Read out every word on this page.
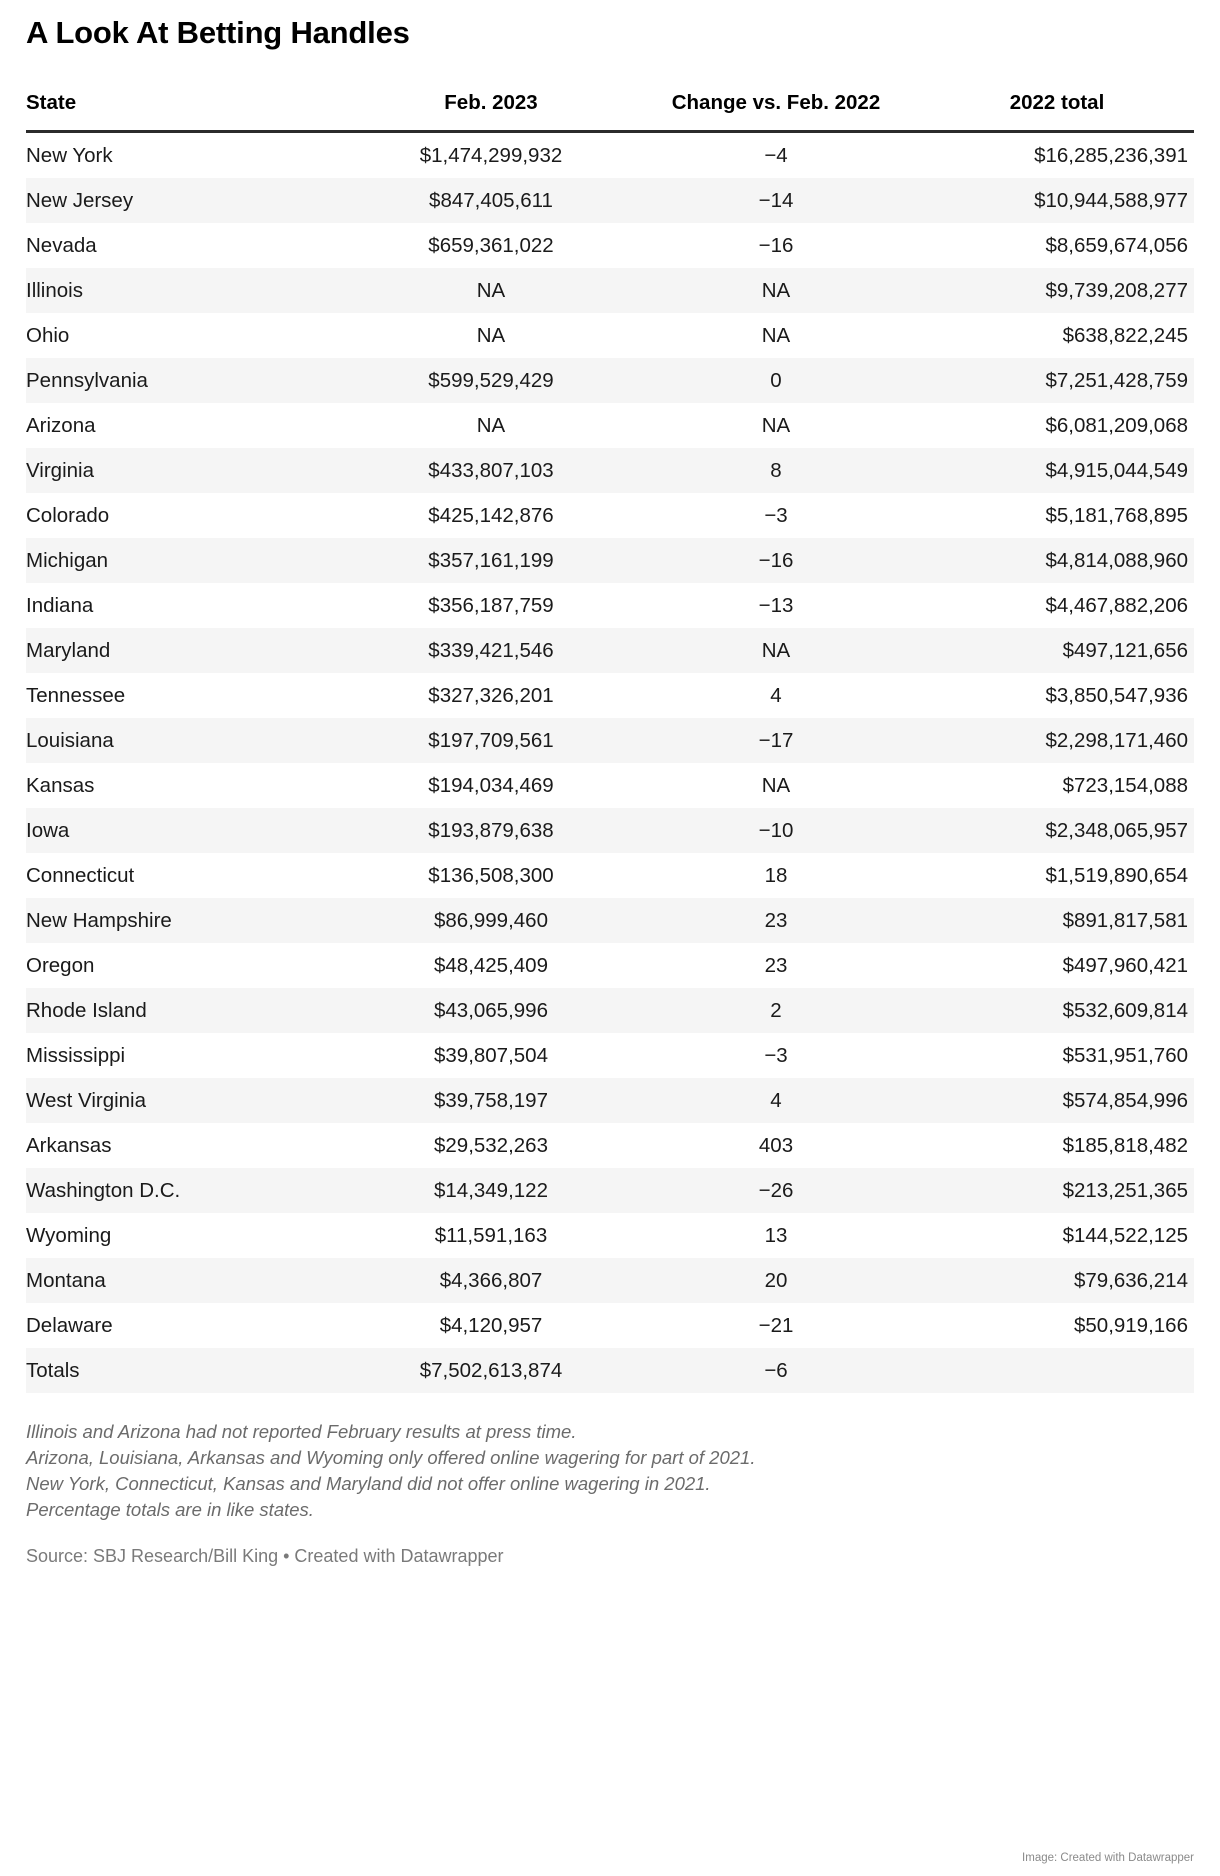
A Look At Betting Handles
State	Feb. 2023	Change vs. Feb. 2022	2022 total
New York	$1,474,299,932	−4	$16,285,236,391
New Jersey	$847,405,611	−14	$10,944,588,977
Nevada	$659,361,022	−16	$8,659,674,056
Illinois	NA	NA	$9,739,208,277
Ohio	NA	NA	$638,822,245
Pennsylvania	$599,529,429	0	$7,251,428,759
Arizona	NA	NA	$6,081,209,068
Virginia	$433,807,103	8	$4,915,044,549
Colorado	$425,142,876	−3	$5,181,768,895
Michigan	$357,161,199	−16	$4,814,088,960
Indiana	$356,187,759	−13	$4,467,882,206
Maryland	$339,421,546	NA	$497,121,656
Tennessee	$327,326,201	4	$3,850,547,936
Louisiana	$197,709,561	−17	$2,298,171,460
Kansas	$194,034,469	NA	$723,154,088
Iowa	$193,879,638	−10	$2,348,065,957
Connecticut	$136,508,300	18	$1,519,890,654
New Hampshire	$86,999,460	23	$891,817,581
Oregon	$48,425,409	23	$497,960,421
Rhode Island	$43,065,996	2	$532,609,814
Mississippi	$39,807,504	−3	$531,951,760
West Virginia	$39,758,197	4	$574,854,996
Arkansas	$29,532,263	403	$185,818,482
Washington D.C.	$14,349,122	−26	$213,251,365
Wyoming	$11,591,163	13	$144,522,125
Montana	$4,366,807	20	$79,636,214
Delaware	$4,120,957	−21	$50,919,166
Totals	$7,502,613,874	−6	
Illinois and Arizona had not reported February results at press time.
Arizona, Louisiana, Arkansas and Wyoming only offered online wagering for part of 2021.
New York, Connecticut, Kansas and Maryland did not offer online wagering in 2021.
Percentage totals are in like states.
Source: SBJ Research/Bill King • Created with Datawrapper
Image: Created with Datawrapper
